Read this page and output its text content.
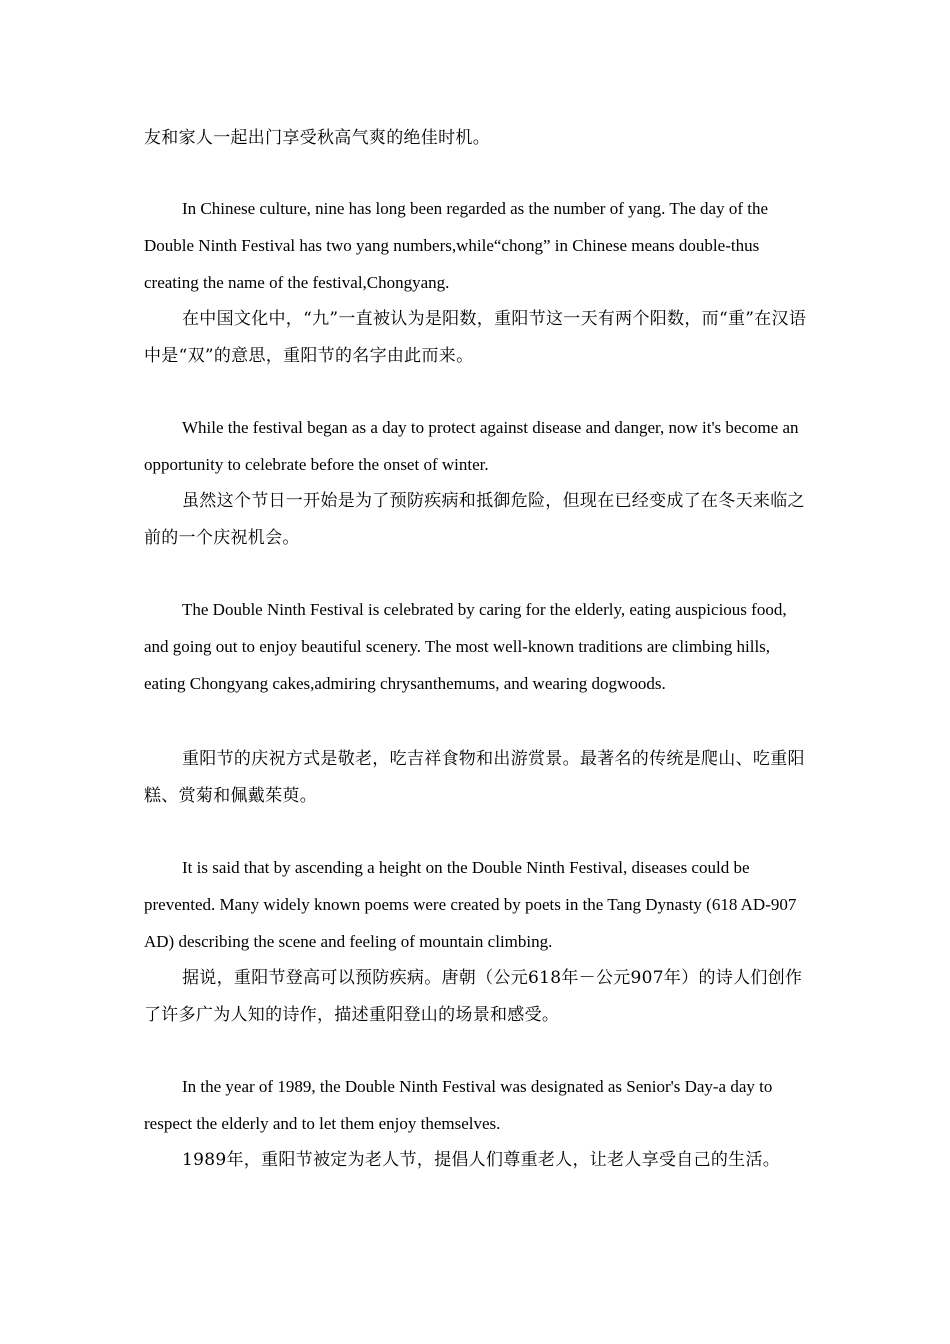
友和家人一起出门享受秋高气爽的绝佳时机。

In Chinese culture, nine has long been regarded as the number of yang. The day of the Double Ninth Festival has two yang numbers,while“chong” in Chinese means double-thus creating the name of the festival,Chongyang.

在中国文化中，“九”一直被认为是阳数，重阳节这一天有两个阳数，而“重”在汉语中是“双”的意思，重阳节的名字由此而来。

While the festival began as a day to protect against disease and danger, now it's become an opportunity to celebrate before the onset of winter.

虽然这个节日一开始是为了预防疾病和抵御危险，但现在已经变成了在冬天来临之前的一个庆祝机会。

The Double Ninth Festival is celebrated by caring for the elderly, eating auspicious food, and going out to enjoy beautiful scenery. The most well-known traditions are climbing hills, eating Chongyang cakes,admiring chrysanthemums, and wearing dogwoods.

重阳节的庆祝方式是敬老，吃吉祥食物和出游赏景。最著名的传统是爬山、吃重阳糕、赏菊和佩戴茱萸。

It is said that by ascending a height on the Double Ninth Festival, diseases could be prevented. Many widely known poems were created by poets in the Tang Dynasty (618 AD-907 AD) describing the scene and feeling of mountain climbing.

据说，重阳节登高可以预防疾病。唐朝（公元618年－公元907年）的诗人们创作了许多广为人知的诗作，描述重阳登山的场景和感受。

In the year of 1989, the Double Ninth Festival was designated as Senior's Day-a day to respect the elderly and to let them enjoy themselves.

1989年，重阳节被定为老人节，提倡人们尊重老人，让老人享受自己的生活。
